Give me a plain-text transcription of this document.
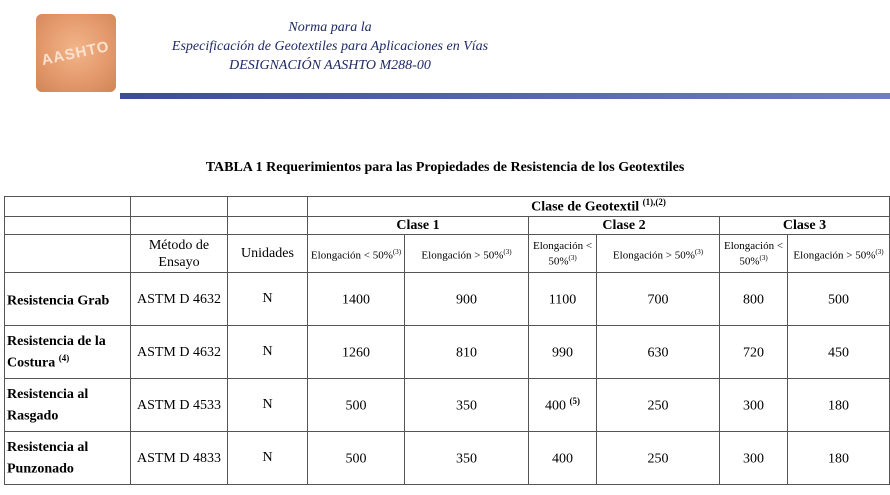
AASHTO
Norma para la
Especificación de Geotextiles para Aplicaciones en Vías
DESIGNACIÓN AASHTO M288-00
TABLA 1 Requerimientos para las Propiedades de Resistencia de los Geotextiles
			Clase de Geotextil $^{(1),(2)}$
			Clase 1		Clase 2		Clase 3	
	Método de Ensayo	Unidades	Elongación < 50%$^{(3)}$	Elongación > 50%$^{(3)}$	Elongación < 50%$^{(3)}$	Elongación > 50%$^{(3)}$	Elongación < 50%$^{(3)}$	Elongación > 50%$^{(3)}$
Resistencia Grab	ASTM D 4632	N	1400	900	1100	700	800	500
Resistencia de la Costura $^{(4)}$	ASTM D 4632	N	1260	810	990	630	720	450
Resistencia al Rasgado	ASTM D 4533	N	500	350	400 $^{(5)}$	250	300	180
Resistencia al Punzonado	ASTM D 4833	N	500	350	400	250	300	180
